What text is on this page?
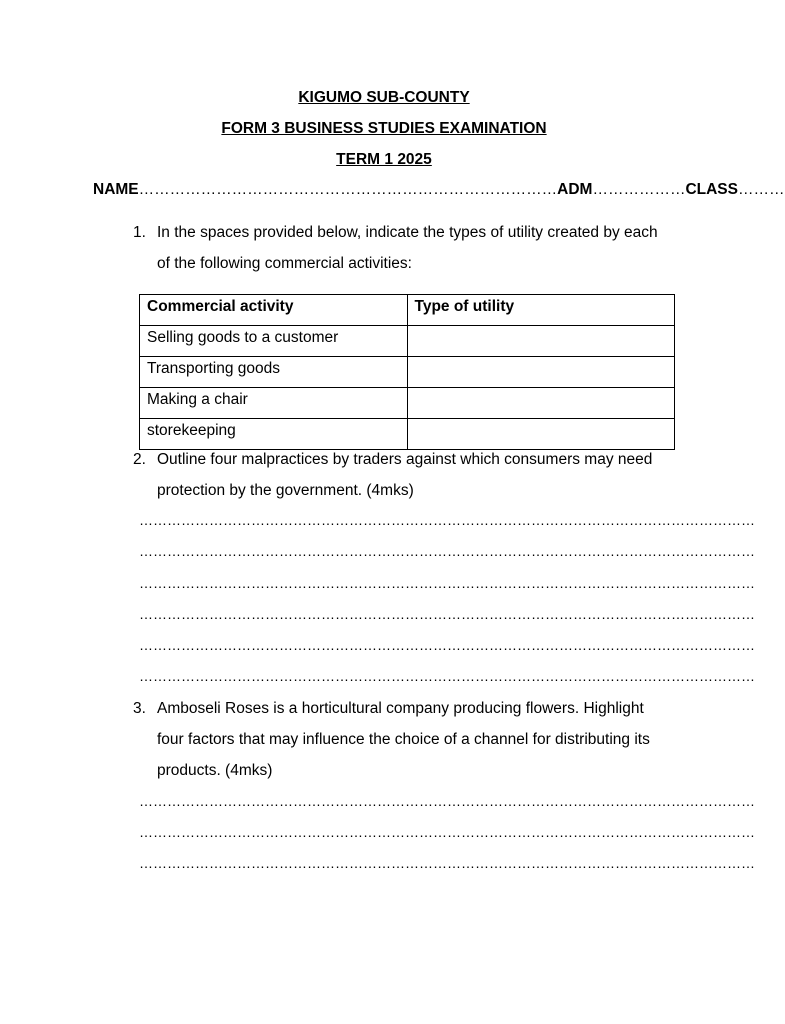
KIGUMO SUB-COUNTY
FORM 3 BUSINESS STUDIES EXAMINATION
TERM 1 2025
NAME………………………………………………………………………ADM………………CLASS………
1. In the spaces provided below, indicate the types of utility created by each of the following commercial activities:
Commercial activity	Type of utility
Selling goods to a customer	
Transporting goods	
Making a chair	
storekeeping	
2. Outline four malpractices by traders against which consumers may need protection by the government. (4mks)
……………………………………………………………………………………………………………………
……………………………………………………………………………………………………………………
……………………………………………………………………………………………………………………
……………………………………………………………………………………………………………………
……………………………………………………………………………………………………………………
……………………………………………………………………………………………………………………
3. Amboseli Roses is a horticultural company producing flowers. Highlight four factors that may influence the choice of a channel for distributing its products. (4mks)
……………………………………………………………………………………………………………………
……………………………………………………………………………………………………………………
……………………………………………………………………………………………………………………
